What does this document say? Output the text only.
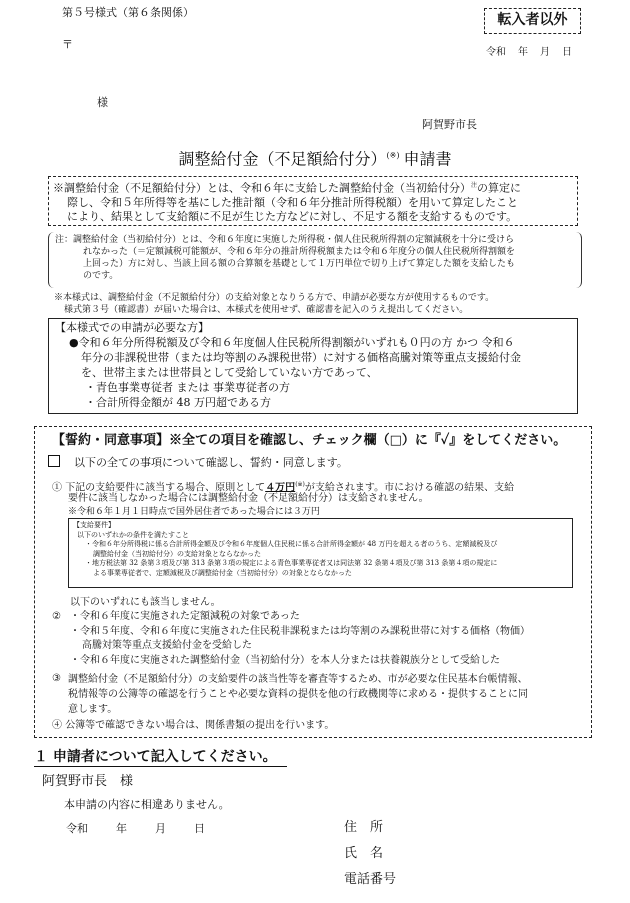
第５号様式（第６条関係）	転入者以外
〒
令和 年 月 日
様
阿賀野市長
調整給付金（不足額給付分）(※) 申請書
※調整給付金（不足額給付分）とは、令和６年に支給した調整給付金（当初給付分）$^注$の算定に
際し、令和５年所得等を基にした推計額（令和６年分推計所得税額）を用いて算定したこと
により、結果として支給額に不足が生じた方などに対し、不足する額を支給するものです。
注：調整給付金（当初給付分）とは、令和６年度に実施した所得税・個人住民税所得割の定額減税を十分に受けら
れなかった（＝定額減税可能額が、令和６年分の推計所得税額または令和６年度分の個人住民税所得割額を
上回った）方に対し、当該上回る額の合算額を基礎として１万円単位で切り上げて算定した額を支給したも
のです。
※本様式は、調整給付金（不足額給付分）の支給対象となりうる方で、申請が必要な方が使用するものです。
様式第３号（確認書）が届いた場合は、本様式を使用せず、確認書を記入のうえ提出してください。
【本様式での申請が必要な方】
●令和６年分所得税額及び令和６年度個人住民税所得割額がいずれも０円の方 かつ 令和６
年分の非課税世帯（または均等割のみ課税世帯）に対する価格高騰対策等重点支援給付金
を、世帯主または世帯員として受給していない方であって、
・青色事業専従者 または 事業専従者の方
・合計所得金額が 48 万円超である方
【誓約・同意事項】※全ての項目を確認し、チェック欄（□）に『✓』をしてください。
以下の全ての事項について確認し、誓約・同意します。
① 下記の支給要件に該当する場合、原則として４万円(※)が支給されます。市における確認の結果、支給
要件に該当しなかった場合には調整給付金（不足額給付分）は支給されません。
※令和６年１月１日時点で国外居住者であった場合には３万円
【支給要件】
以下のいずれかの条件を満たすこと
・令和６年分所得税に係る合計所得金額及び令和６年度個人住民税に係る合計所得金額が 48 万円を超える者のうち、定額減税及び
調整給付金（当初給付分）の支給対象とならなかった
・地方税法第 32 条第３項及び第 313 条第３項の規定による青色事業専従者又は同法第 32 条第４項及び第 313 条第４項の規定に
よる事業専従者で、定額減税及び調整給付金（当初給付分）の対象とならなかった
以下のいずれにも該当しません。
② ・令和６年度に実施された定額減税の対象であった
・令和５年度、令和６年度に実施された住民税非課税または均等割のみ課税世帯に対する価格（物価）
高騰対策等重点支援給付金を受給した
・令和６年度に実施された調整給付金（当初給付分）を本人分または扶養親族分として受給した
③ 調整給付金（不足額給付分）の支給要件の該当性等を審査等するため、市が必要な住民基本台帳情報、
税情報等の公簿等の確認を行うことや必要な資料の提供を他の行政機関等に求める・提供することに同
意します。
④ 公簿等で確認できない場合は、関係書類の提出を行います。
１ 申請者について記入してください。
阿賀野市長　様
本申請の内容に相違ありません。
令和	年	月	日	住　所
氏　名
電話番号
